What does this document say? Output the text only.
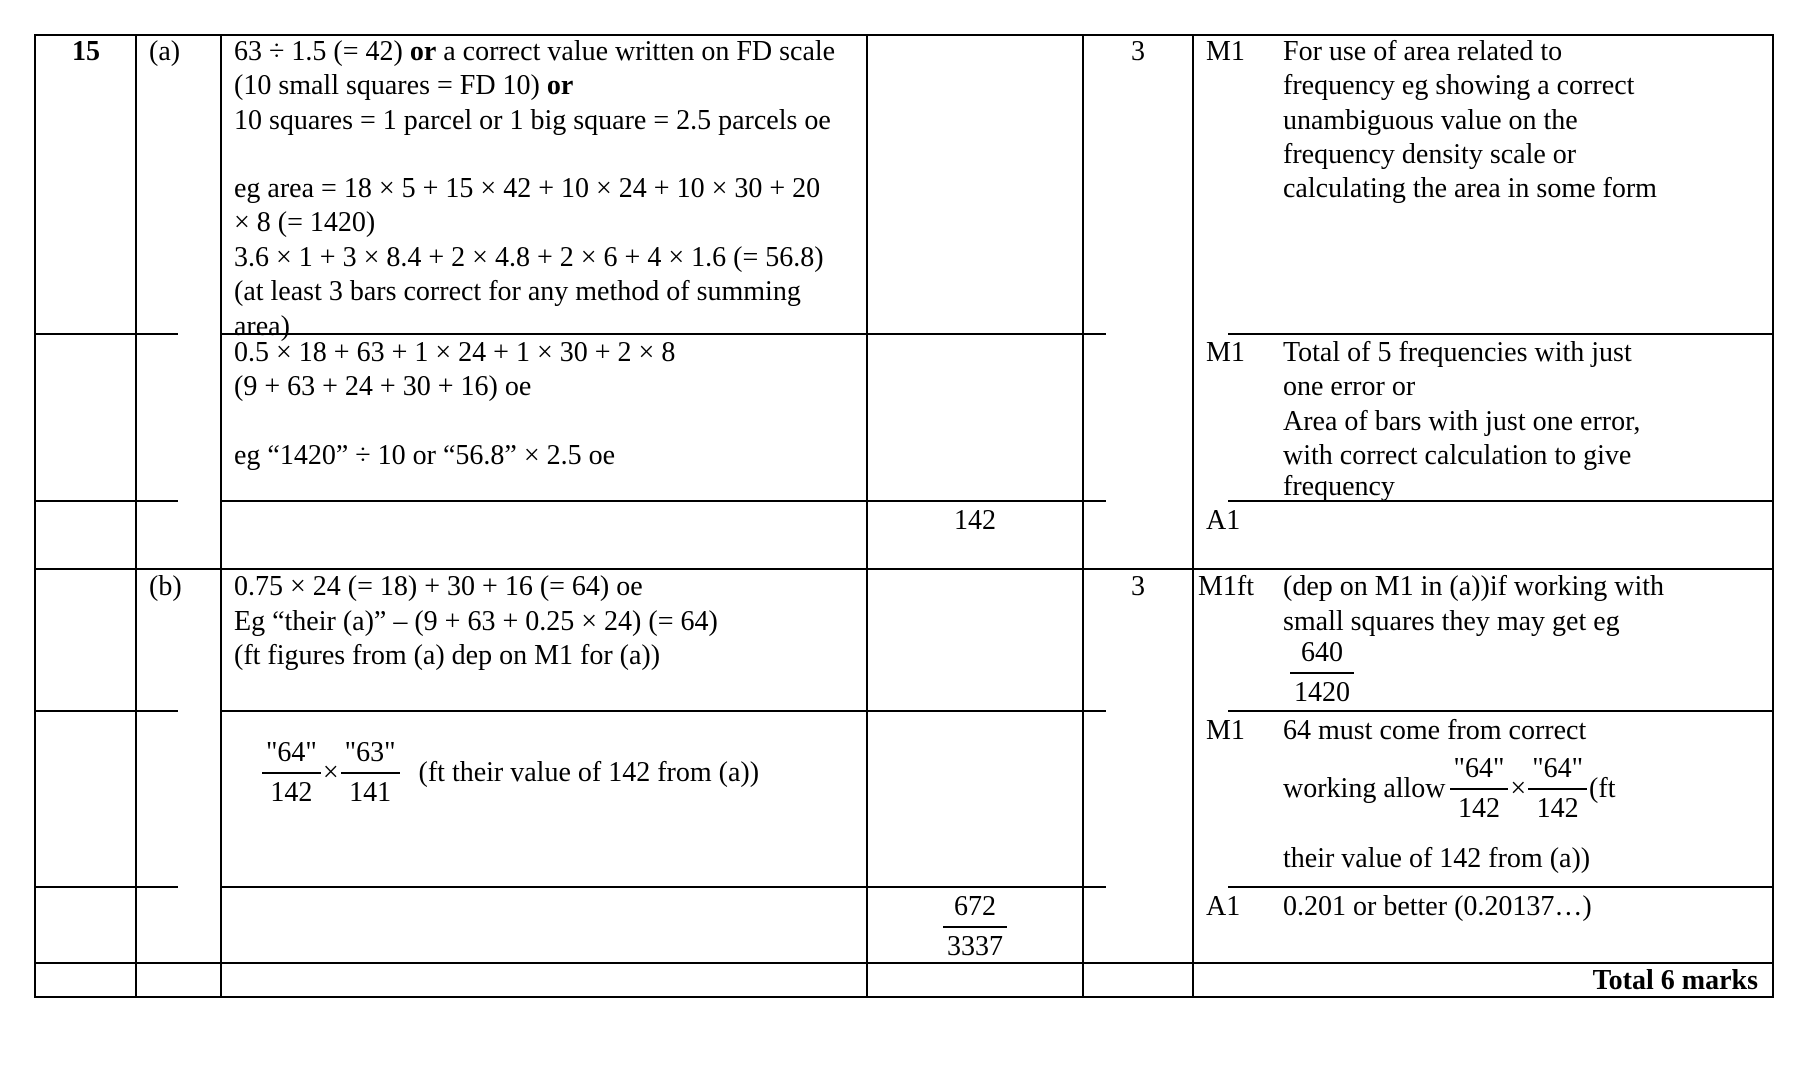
15 (a)
(b)
3
3
63 ÷ 1.5 (= 42) or a correct value written on FD scale
(10 small squares = FD 10) or
10 squares = 1 parcel or 1 big square = 2.5 parcels oe
eg area = 18 × 5 + 15 × 42 + 10 × 24 + 10 × 30 + 20
× 8 (= 1420)
3.6 × 1 + 3 × 8.4 + 2 × 4.8 + 2 × 6 + 4 × 1.6 (= 56.8)
(at least 3 bars correct for any method of summing
area)
M1 For use of area related to
frequency eg showing a correct
unambiguous value on the
frequency density scale or
calculating the area in some form
0.5 × 18 + 63 + 1 × 24 + 1 × 30 + 2 × 8
(9 + 63 + 24 + 30 + 16) oe
eg “1420” ÷ 10 or “56.8” × 2.5 oe
M1 Total of 5 frequencies with just
one error or
Area of bars with just one error,
with correct calculation to give
frequency
142	A1
0.75 × 24 (= 18) + 30 + 16 (= 64) oe
Eg “their (a)” – (9 + 63 + 0.25 × 24) (= 64)
(ft figures from (a) dep on M1 for (a))
M1ft (dep on M1 in (a))if working with
small squares they may get eg
$\frac{640}{1420}$
$\frac{"64"}{142} \times \frac{"63"}{141} (ft$ their value of 142 from (a))
M1 64 must come from correct
working allow $\frac{"64"}{142} \times \frac{"64"}{142} (ft$
their value of 142 from (a))
$\frac{672}{3337}$	A1 0.201 or better (0.20137…)
Total 6 marks
